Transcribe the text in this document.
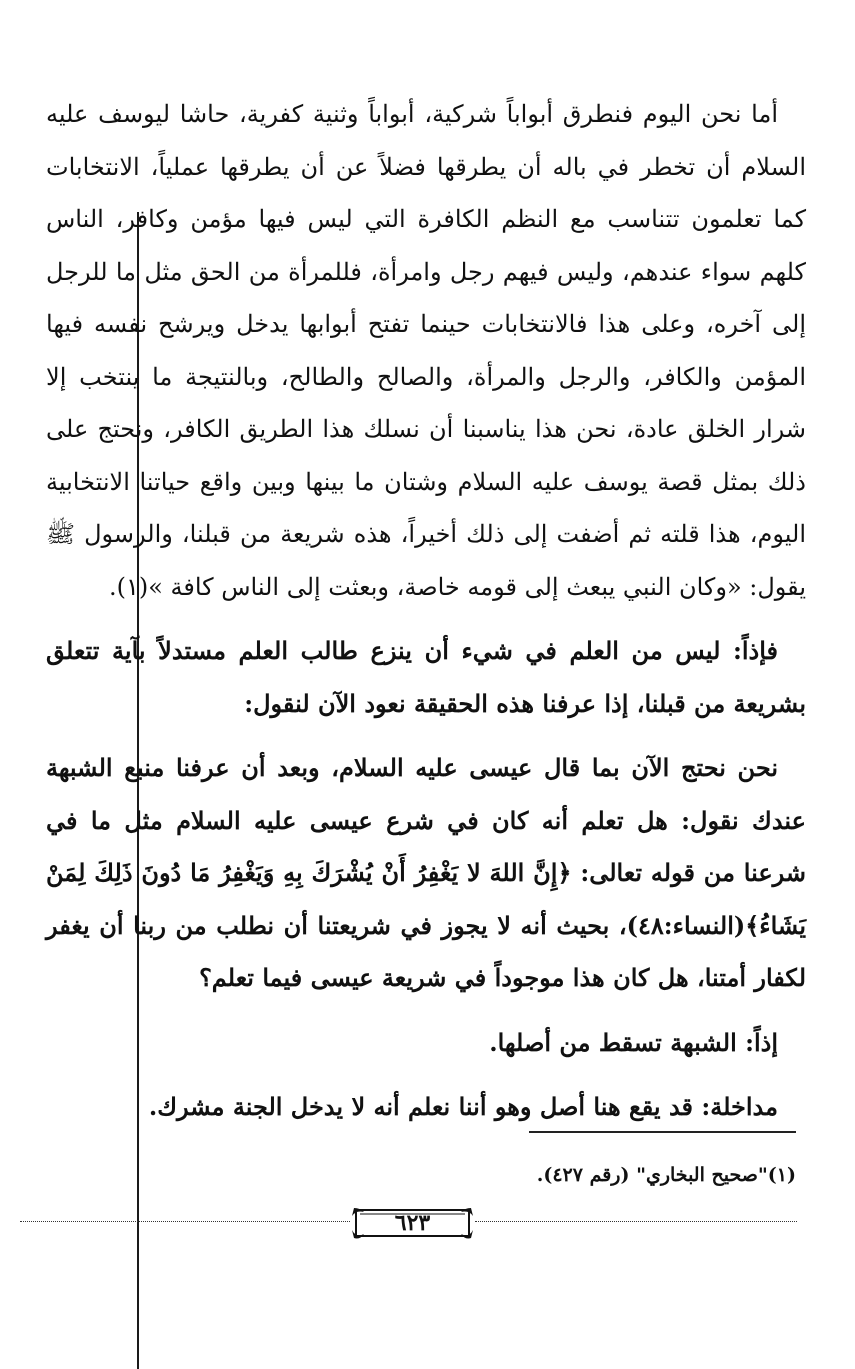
أما نحن اليوم فنطرق أبواباً شركية، أبواباً وثنية كفرية، حاشا ليوسف عليه السلام أن تخطر في باله أن يطرقها فضلاً عن أن يطرقها عملياً، الانتخابات كما تعلمون تتناسب مع النظم الكافرة التي ليس فيها مؤمن وكافر، الناس كلهم سواء عندهم، وليس فيهم رجل وامرأة، فللمرأة من الحق مثل ما للرجل إلى آخره، وعلى هذا فالانتخابات حينما تفتح أبوابها يدخل ويرشح نفسه فيها المؤمن والكافر، والرجل والمرأة، والصالح والطالح، وبالنتيجة ما ينتخب إلا شرار الخلق عادة، نحن هذا يناسبنا أن نسلك هذا الطريق الكافر، ونحتج على ذلك بمثل قصة يوسف عليه السلام وشتان ما بينها وبين واقع حياتنا الانتخابية اليوم، هذا قلته ثم أضفت إلى ذلك أخيراً، هذه شريعة من قبلنا، والرسول ﷺ يقول: «وكان النبي يبعث إلى قومه خاصة، وبعثت إلى الناس كافة »(١).

فإذاً: ليس من العلم في شيء أن ينزع طالب العلم مستدلاً بآية تتعلق بشريعة من قبلنا، إذا عرفنا هذه الحقيقة نعود الآن لنقول:

نحن نحتج الآن بما قال عيسى عليه السلام، وبعد أن عرفنا منبع الشبهة عندك نقول: هل تعلم أنه كان في شرع عيسى عليه السلام مثل ما في شرعنا من قوله تعالى: ﴿إِنَّ اللهَ لا يَغْفِرُ أَنْ يُشْرَكَ بِهِ وَيَغْفِرُ مَا دُونَ ذَلِكَ لِمَنْ يَشَاءُ﴾(النساء:٤٨)، بحيث أنه لا يجوز في شريعتنا أن نطلب من ربنا أن يغفر لكفار أمتنا، هل كان هذا موجوداً في شريعة عيسى فيما تعلم؟

إذاً: الشبهة تسقط من أصلها.

مداخلة: قد يقع هنا أصل وهو أننا نعلم أنه لا يدخل الجنة مشرك.

(١)"صحيح البخاري" (رقم ٤٢٧).
٦٢٣
